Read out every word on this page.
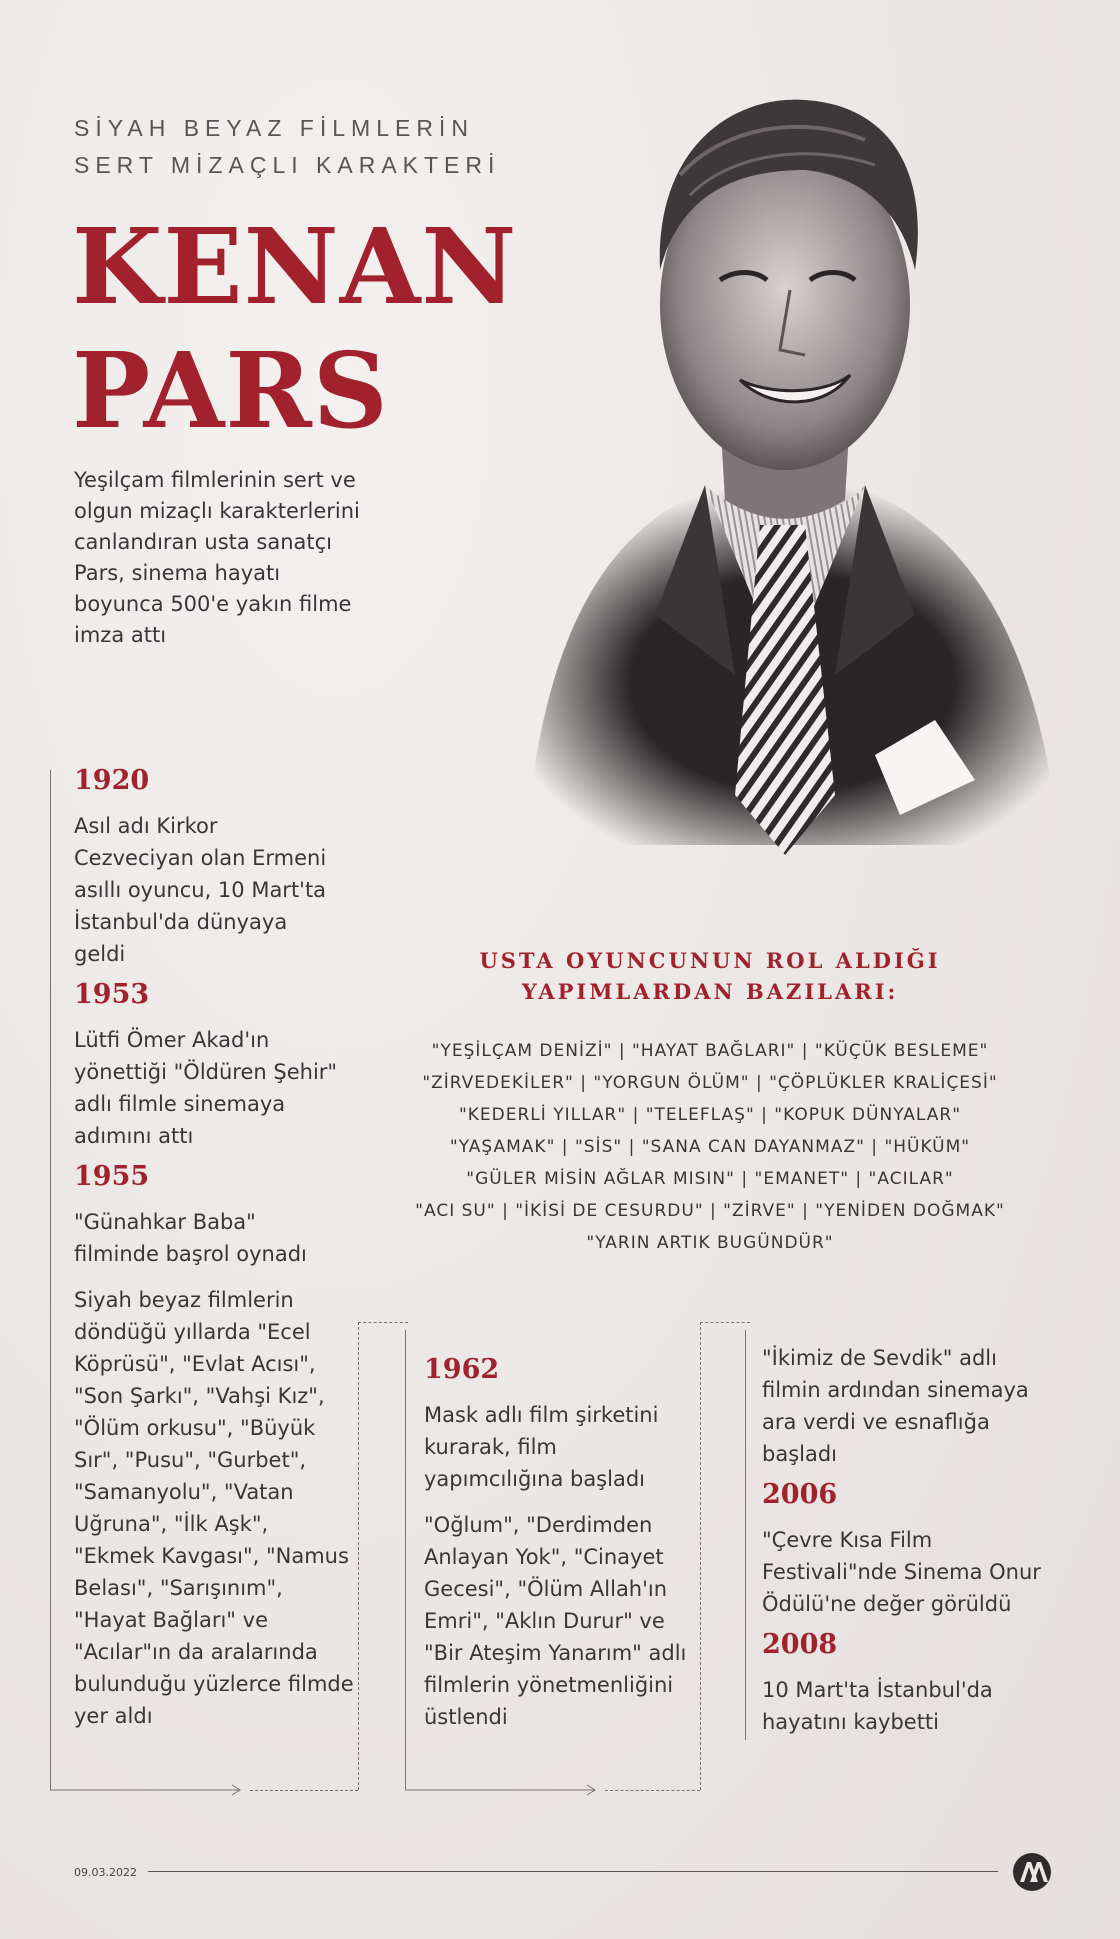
SİYAH BEYAZ FİLMLERİN
SERT MİZAÇLI KARAKTERİ
KENAN
PARS
Yeşilçam filmlerinin sert ve olgun mizaçlı karakterlerini canlandıran usta sanatçı Pars, sinema hayatı boyunca 500'e yakın filme imza attı
1920
Asıl adı Kirkor Cezveciyan olan Ermeni asıllı oyuncu, 10 Mart'ta İstanbul'da dünyaya geldi
1953
Lütfi Ömer Akad'ın yönettiği "Öldüren Şehir" adlı filmle sinemaya adımını attı
1955
"Günahkar Baba" filminde başrol oynadı
Siyah beyaz filmlerin döndüğü yıllarda "Ecel Köprüsü", "Evlat Acısı", "Son Şarkı", "Vahşi Kız", "Ölüm orkusu", "Büyük Sır", "Pusu", "Gurbet", "Samanyolu", "Vatan Uğruna", "İlk Aşk", "Ekmek Kavgası", "Namus Belası", "Sarışınım", "Hayat Bağları" ve "Acılar"ın da aralarında bulunduğu yüzlerce filmde yer aldı
1962
Mask adlı film şirketini kurarak, film yapımcılığına başladı
"Oğlum", "Derdimden Anlayan Yok", "Cinayet Gecesi", "Ölüm Allah'ın Emri", "Aklın Durur" ve "Bir Ateşim Yanarım" adlı filmlerin yönetmenliğini üstlendi
"İkimiz de Sevdik" adlı filmin ardından sinemaya ara verdi ve esnaflığa başladı
2006
"Çevre Kısa Film Festivali"nde Sinema Onur Ödülü'ne değer görüldü
2008
10 Mart'ta İstanbul'da hayatını kaybetti
USTA OYUNCUNUN ROL ALDIĞI
YAPIMLARDAN BAZILARI:
"YEŞİLÇAM DENİZİ" | "HAYAT BAĞLARI" | "KÜÇÜK BESLEME"
"ZİRVEDEKİLER" | "YORGUN ÖLÜM" | "ÇÖPLÜKLER KRALİÇESİ"
"KEDERLİ YILLAR" | "TELEFLAŞ" | "KOPUK DÜNYALAR"
"YAŞAMAK" | "SİS" | "SANA CAN DAYANMAZ" | "HÜKÜM"
"GÜLER MİSİN AĞLAR MISIN" | "EMANET" | "ACILAR"
"ACI SU" | "İKİSİ DE CESURDU" | "ZİRVE" | "YENİDEN DOĞMAK"
"YARIN ARTIK BUGÜNDÜR"
09.03.2022
